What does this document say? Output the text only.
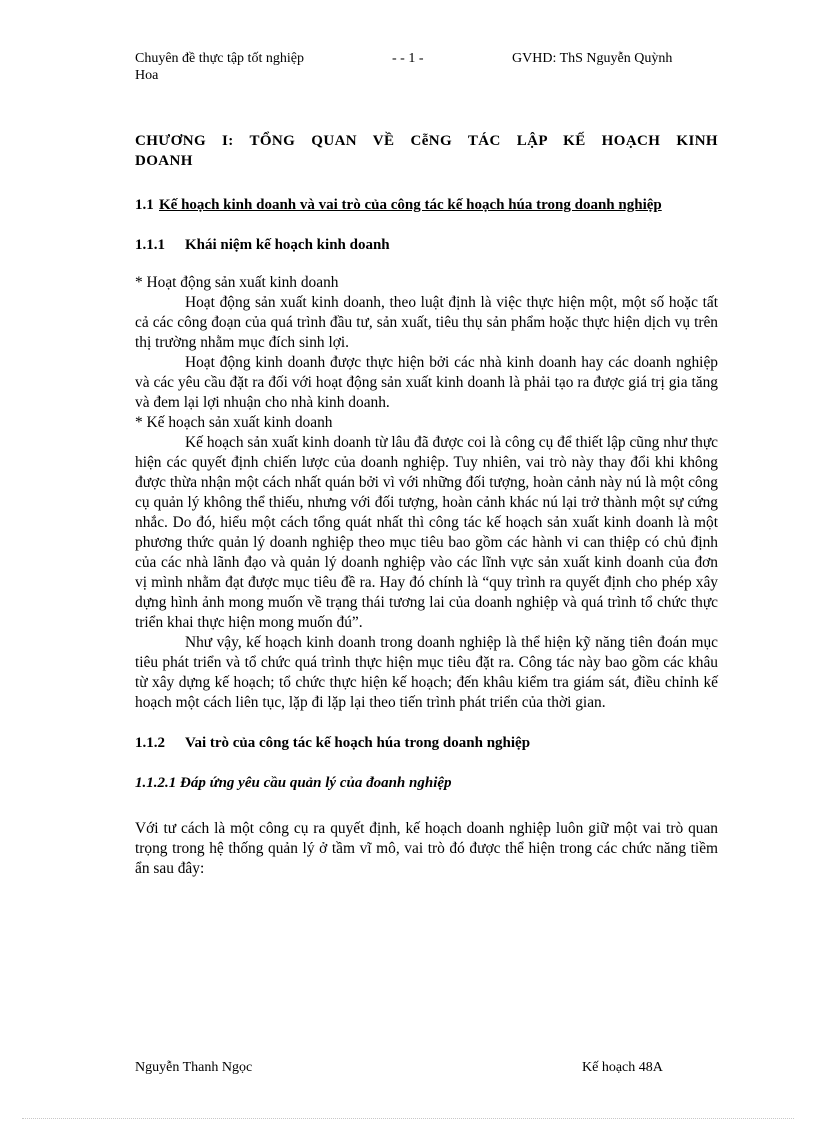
Chuyên đề thực tập tốt nghiệp	- - 1 -	GVHD: ThS Nguyễn Quỳnh
Hoa

CHƯƠNG I: TỔNG QUAN VỀ CễNG TÁC LẬP KẾ HOẠCH KINH DOANH

1.1 Kế hoạch kinh doanh và vai trò của công tác kế hoạch húa trong doanh nghiệp
1.1.1	Khái niệm kế hoạch kinh doanh

* Hoạt động sản xuất kinh doanh

Hoạt động sản xuất kinh doanh, theo luật định là việc thực hiện một, một số hoặc tất cả các công đoạn của quá trình đầu tư, sản xuất, tiêu thụ sản phẩm hoặc thực hiện dịch vụ trên thị trường nhằm mục đích sinh lợi.

Hoạt động kinh doanh được thực hiện bởi các nhà kinh doanh hay các doanh nghiệp và các yêu cầu đặt ra đối với hoạt động sản xuất kinh doanh là phải tạo ra được giá trị gia tăng và đem lại lợi nhuận cho nhà kinh doanh.

* Kế hoạch sản xuất kinh doanh

Kế hoạch sản xuất kinh doanh từ lâu đã được coi là công cụ để thiết lập cũng như thực hiện các quyết định chiến lược của doanh nghiệp. Tuy nhiên, vai trò này thay đổi khi không được thừa nhận một cách nhất quán bởi vì với những đối tượng, hoàn cảnh này nú là một công cụ quản lý không thể thiếu, nhưng với đối tượng, hoàn cảnh khác nú lại trở thành một sự cứng nhắc. Do đó, hiểu một cách tổng quát nhất thì công tác kế hoạch sản xuất kinh doanh là một phương thức quản lý doanh nghiệp theo mục tiêu bao gồm các hành vi can thiệp có chủ định của các nhà lãnh đạo và quản lý doanh nghiệp vào các lĩnh vực sản xuất kinh doanh của đơn vị mình nhằm đạt được mục tiêu đề ra. Hay đó chính là “quy trình ra quyết định cho phép xây dựng hình ảnh mong muốn về trạng thái tương lai của doanh nghiệp và quá trình tổ chức thực triển khai thực hiện mong muốn đú”.

Như vậy, kế hoạch kinh doanh trong doanh nghiệp là thể hiện kỹ năng tiên đoán mục tiêu phát triển và tổ chức quá trình thực hiện mục tiêu đặt ra. Công tác này bao gồm các khâu từ xây dựng kế hoạch; tổ chức thực hiện kế hoạch; đến khâu kiểm tra giám sát, điều chỉnh kế hoạch một cách liên tục, lặp đi lặp lại theo tiến trình phát triển của thời gian.

1.1.2	Vai trò của công tác kế hoạch húa trong doanh nghiệp

1.1.2.1 Đáp ứng yêu cầu quản lý của đoanh nghiệp

Với tư cách là một công cụ ra quyết định, kế hoạch doanh nghiệp luôn giữ một vai trò quan trọng trong hệ thống quản lý ở tầm vĩ mô, vai trò đó được thể hiện trong các chức năng tiềm ẩn sau đây:

Nguyễn Thanh Ngọc	Kế hoạch 48A
